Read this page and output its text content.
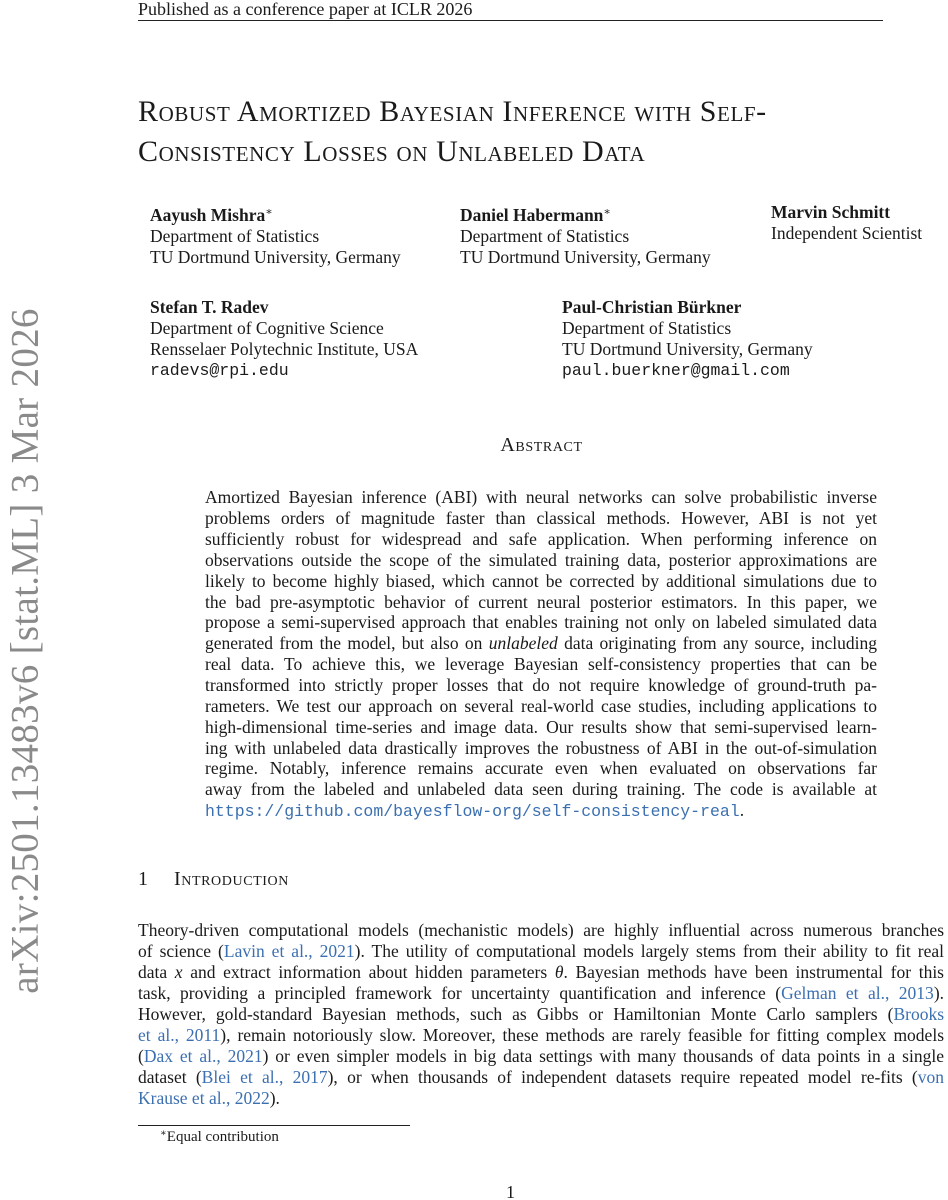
Published as a conference paper at ICLR 2026
arXiv:2501.13483v6 [stat.ML] 3 Mar 2026
Robust Amortized Bayesian Inference with Self-
Consistency Losses on Unlabeled Data
Aayush Mishra∗
Department of Statistics
TU Dortmund University, Germany
Daniel Habermann∗
Department of Statistics
TU Dortmund University, Germany
Marvin Schmitt
Independent Scientist
Stefan T. Radev
Department of Cognitive Science
Rensselaer Polytechnic Institute, USA
radevs@rpi.edu
Paul-Christian Bürkner
Department of Statistics
TU Dortmund University, Germany
paul.buerkner@gmail.com
Abstract
Amortized Bayesian inference (ABI) with neural networks can solve probabilistic inverse
problems orders of magnitude faster than classical methods. However, ABI is not yet
sufficiently robust for widespread and safe application. When performing inference on
observations outside the scope of the simulated training data, posterior approximations are
likely to become highly biased, which cannot be corrected by additional simulations due to
the bad pre-asymptotic behavior of current neural posterior estimators. In this paper, we
propose a semi-supervised approach that enables training not only on labeled simulated data
generated from the model, but also on unlabeled data originating from any source, including
real data. To achieve this, we leverage Bayesian self-consistency properties that can be
transformed into strictly proper losses that do not require knowledge of ground-truth pa-
rameters. We test our approach on several real-world case studies, including applications to
high-dimensional time-series and image data. Our results show that semi-supervised learn-
ing with unlabeled data drastically improves the robustness of ABI in the out-of-simulation
regime. Notably, inference remains accurate even when evaluated on observations far
away from the labeled and unlabeled data seen during training. The code is available at
https://github.com/bayesflow-org/self-consistency-real.
1 Introduction
Theory-driven computational models (mechanistic models) are highly influential across numerous branches
of science (Lavin et al., 2021). The utility of computational models largely stems from their ability to fit real
data x and extract information about hidden parameters θ. Bayesian methods have been instrumental for this
task, providing a principled framework for uncertainty quantification and inference (Gelman et al., 2013).
However, gold-standard Bayesian methods, such as Gibbs or Hamiltonian Monte Carlo samplers (Brooks
et al., 2011), remain notoriously slow. Moreover, these methods are rarely feasible for fitting complex models
(Dax et al., 2021) or even simpler models in big data settings with many thousands of data points in a single
dataset (Blei et al., 2017), or when thousands of independent datasets require repeated model re-fits (von
Krause et al., 2022).
∗Equal contribution
1
